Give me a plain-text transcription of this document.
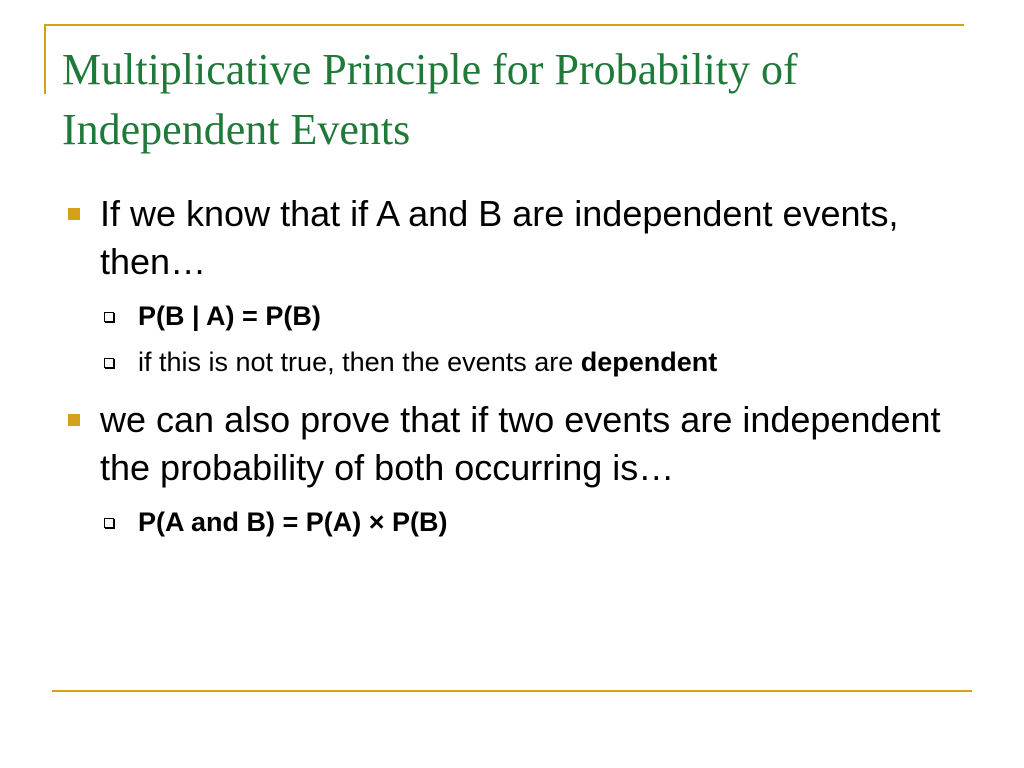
Multiplicative Principle for Probability of Independent Events
If we know that if A and B are independent events, then…
P(B | A) = P(B)
if this is not true, then the events are dependent
we can also prove that if two events are independent the probability of both occurring is…
P(A and B) = P(A) × P(B)
